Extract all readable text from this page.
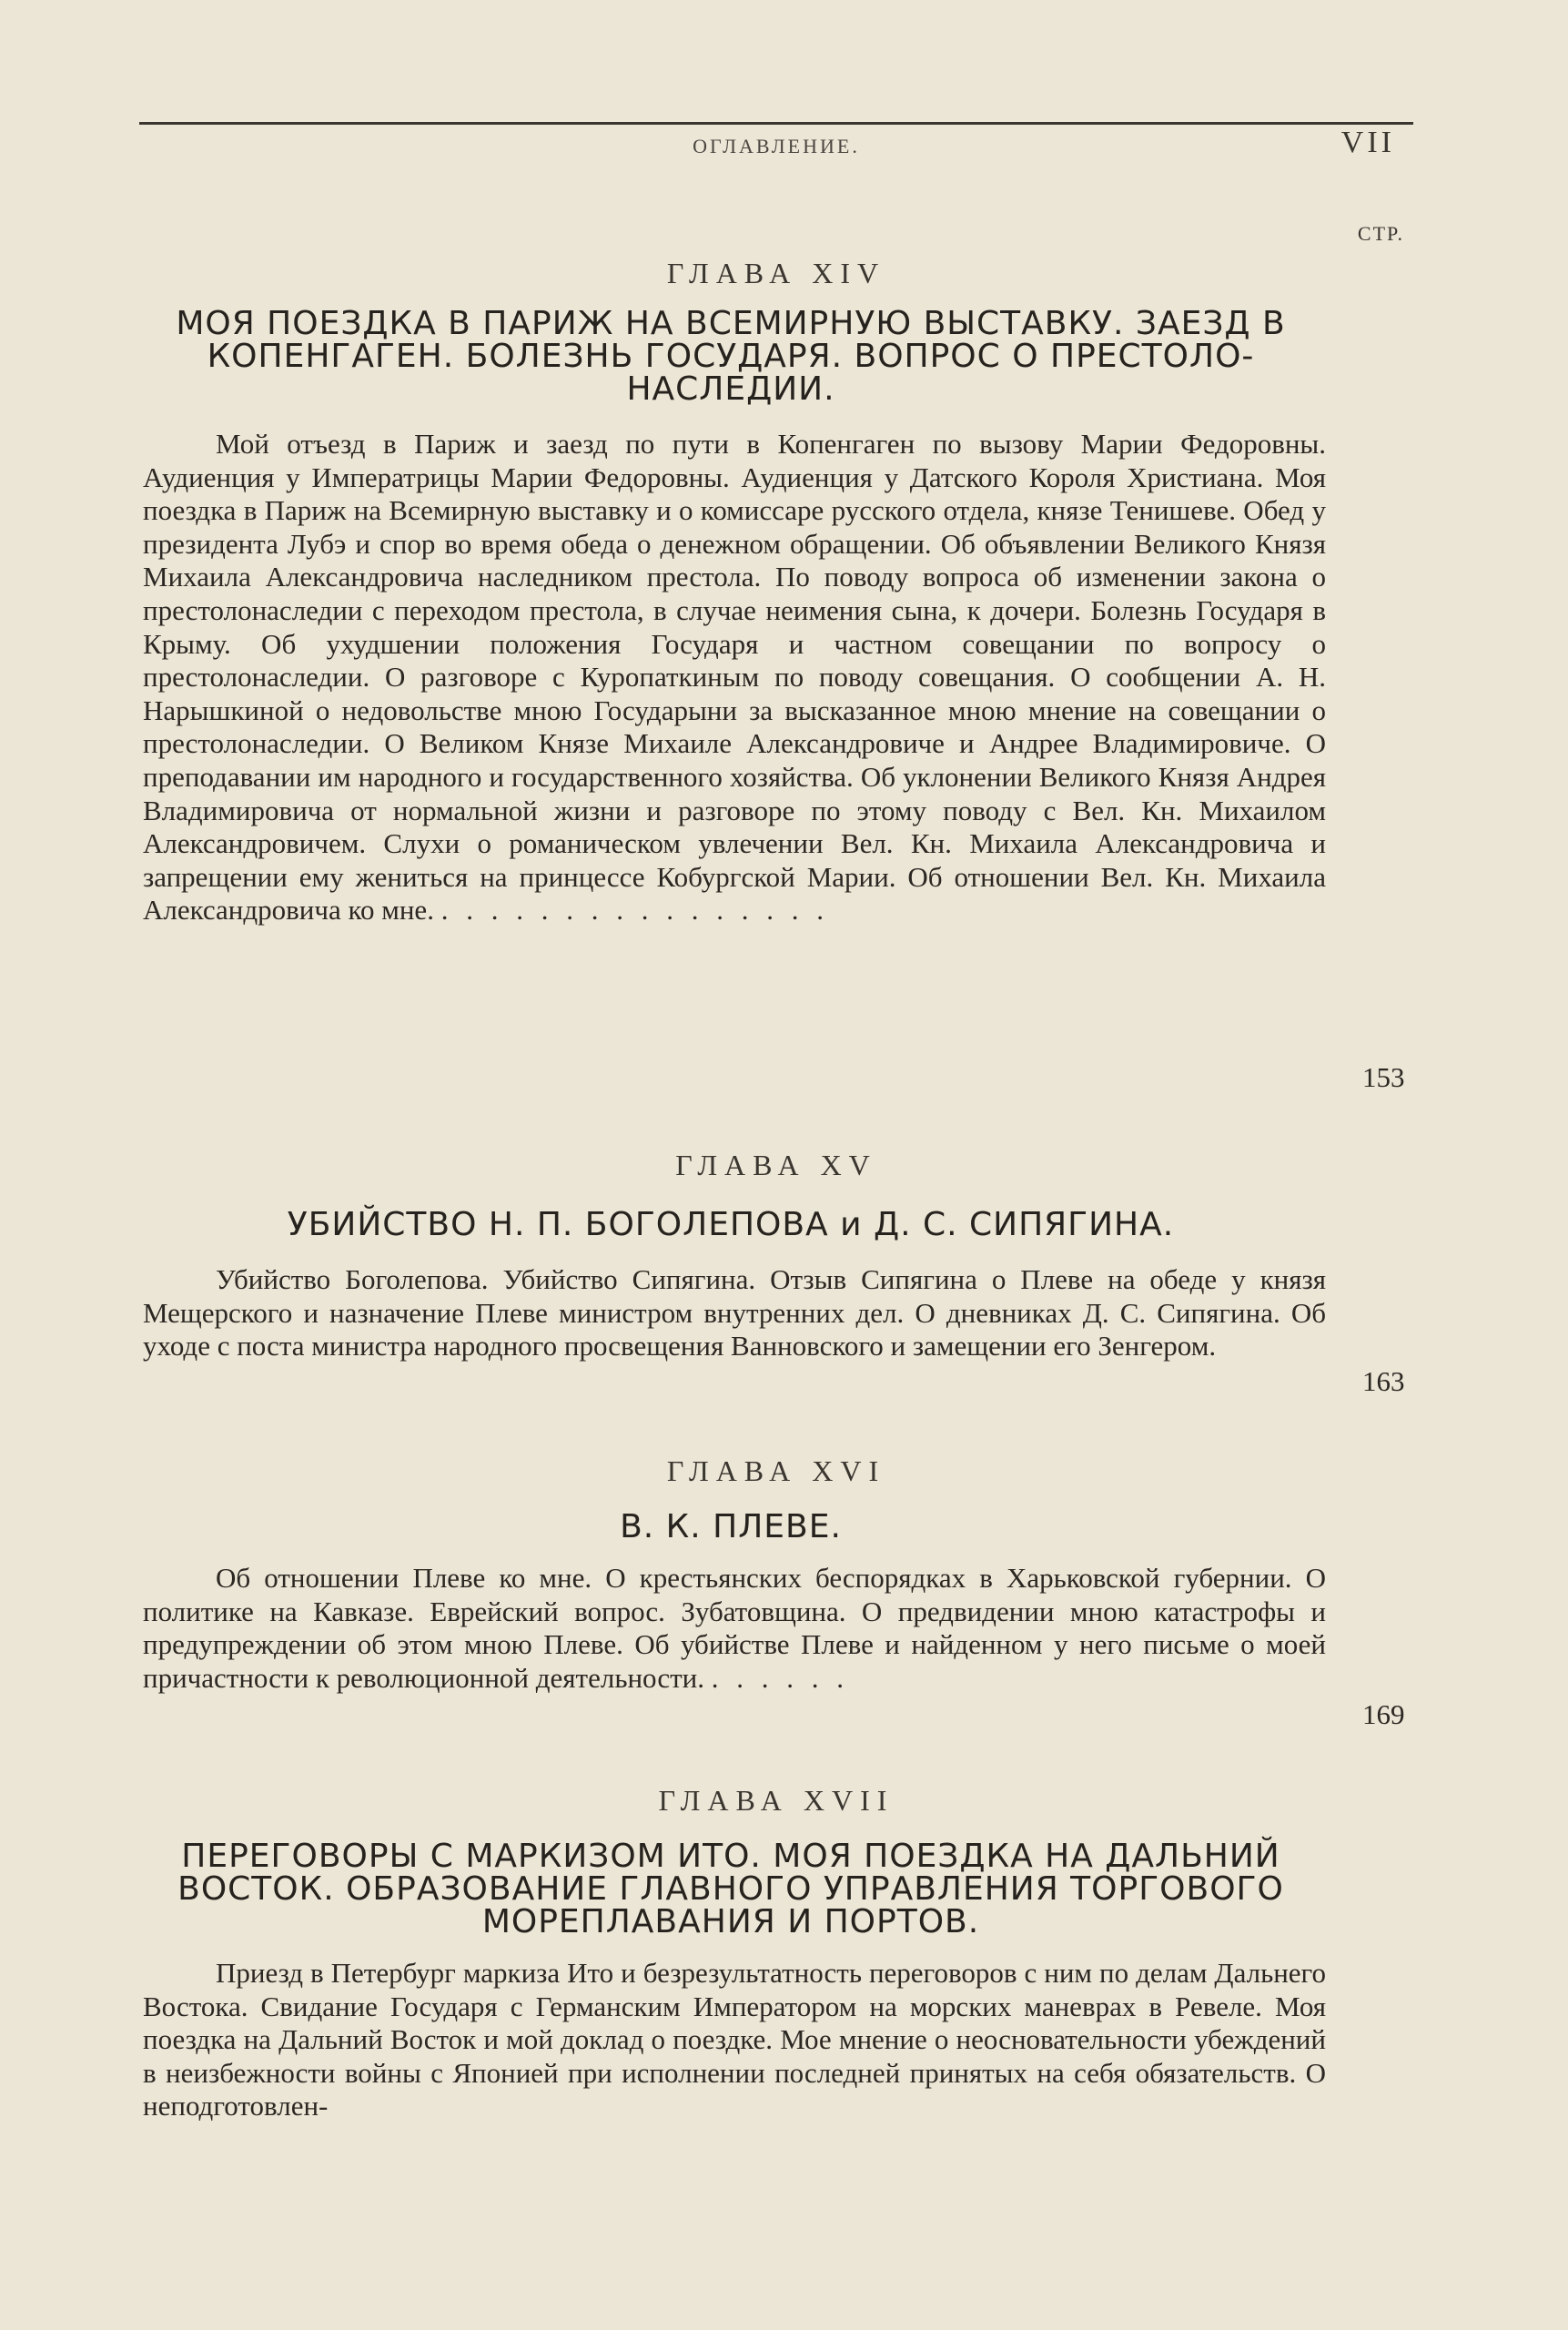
ОГЛАВЛЕНИЕ.	VII
СТР.
ГЛАВА XIV
МОЯ ПОЕЗДКА В ПАРИЖ НА ВСЕМИРНУЮ ВЫСТАВКУ. ЗАЕЗД В КОПЕНГАГЕН. БОЛЕЗНЬ ГОСУДАРЯ. ВОПРОС О ПРЕСТОЛО-НАСЛЕДИИ.
Мой отъезд в Париж и заезд по пути в Копенгаген по вызову Марии Федоровны. Аудиенция у Императрицы Марии Федоровны. Аудиенция у Датского Короля Христиана. Моя поездка в Париж на Всемирную выставку и о комиссаре русского отдела, князе Тенишеве. Обед у президента Лубэ и спор во время обеда о денежном обращении. Об объявлении Великого Князя Михаила Александровича наследником престола. По поводу вопроса об изменении закона о престолонаследии с переходом престола, в случае неимения сына, к дочери. Болезнь Государя в Крыму. Об ухудшении положения Государя и частном совещании по вопросу о престолонаследии. О разговоре с Куропаткиным по поводу совещания. О сообщении А. Н. Нарышкиной о недовольстве мною Государыни за высказанное мною мнение на совещании о престолонаследии. О Великом Князе Михаиле Александровиче и Андрее Владимировиче. О преподавании им народного и государственного хозяйства. Об уклонении Великого Князя Андрея Владимировича от нормальной жизни и разговоре по этому поводу с Вел. Кн. Михаилом Александровичем. Слухи о романическом увлечении Вел. Кн. Михаила Александровича и запрещении ему жениться на принцессе Кобургской Марии. Об отношении Вел. Кн. Михаила Александровича ко мне. . . . . . . . . . . . . . . . .
153
ГЛАВА XV
УБИЙСТВО Н. П. БОГОЛЕПОВА и Д. С. СИПЯГИНА.
Убийство Боголепова. Убийство Сипягина. Отзыв Сипягина о Плеве на обеде у князя Мещерского и назначение Плеве министром внутренних дел. О дневниках Д. С. Сипягина. Об уходе с поста министра народного просвещения Ванновского и замещении его Зенгером.
163
ГЛАВА XVI
В. К. ПЛЕВЕ.
Об отношении Плеве ко мне. О крестьянских беспорядках в Харьковской губернии. О политике на Кавказе. Еврейский вопрос. Зубатовщина. О предвидении мною катастрофы и предупреждении об этом мною Плеве. Об убийстве Плеве и найденном у него письме о моей причастности к революционной деятельности. . . . . . .
169
ГЛАВА XVII
ПЕРЕГОВОРЫ С МАРКИЗОМ ИТО. МОЯ ПОЕЗДКА НА ДАЛЬНИЙ ВОСТОК. ОБРАЗОВАНИЕ ГЛАВНОГО УПРАВЛЕНИЯ ТОРГОВОГО МОРЕПЛАВАНИЯ И ПОРТОВ.
Приезд в Петербург маркиза Ито и безрезультатность переговоров с ним по делам Дальнего Востока. Свидание Государя с Германским Императором на морских маневрах в Ревеле. Моя поездка на Дальний Восток и мой доклад о поездке. Мое мнение о неосновательности убеждений в неизбежности войны с Японией при исполнении последней принятых на себя обязательств. О неподготовлен-
